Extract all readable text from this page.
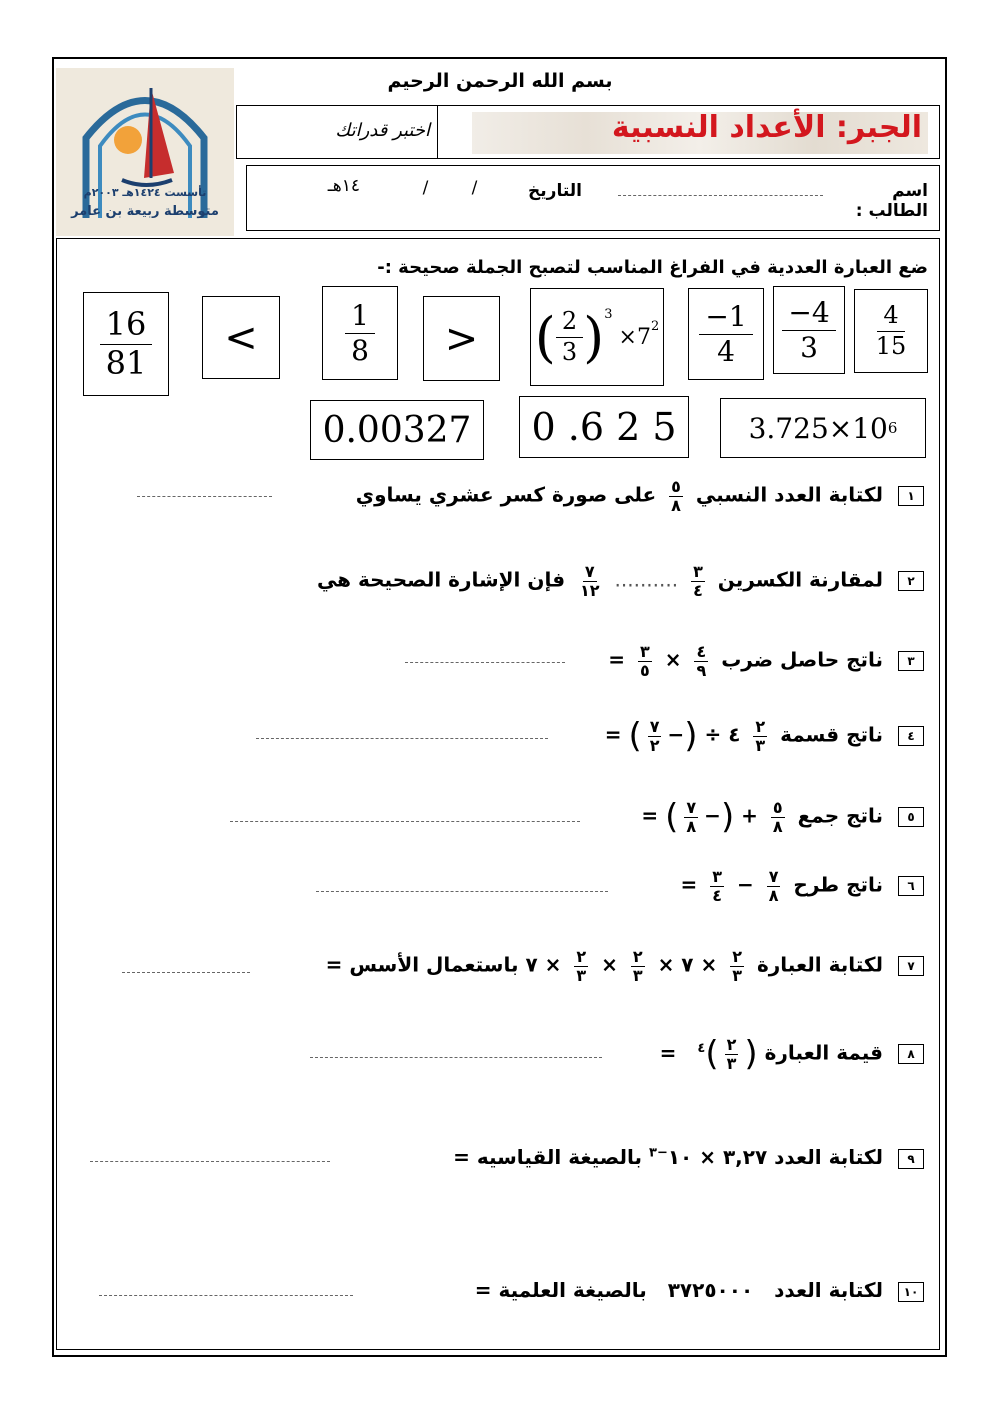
تأسست ١٤٢٤هـ ٢٠٠٣م
متوسطة ربيعة بن عامر
بسم الله الرحمن الرحيم
الجبر: الأعداد النسبية
اختبر قدراتك
اسم الطالب :
التاريخ
/        /
١٤هـ
ضع العبارة العددية في الفراغ المناسب لتصبح الجملة صحيحة :-
$\frac{16}{81}$ <	$\frac{1}{8}$ > ( $\frac{2}{3} )^3$
× $7^2 \frac{-1}{4} \frac{-4}{3} \frac{4}{15}$
0.00327 0 .6 2 5	3.725×10 6
١ لكتابة العدد النسبي
٥
٨
على صورة كسر عشري يساوي
٢ لمقارنة الكسرين
٣
٤
..........
٧
١٢
فإن الإشارة الصحيحة هي
٣ ناتج حاصل ضرب
٤
٩
×
٣
٥
=
٤ ناتج قسمة
٢
٣
٤ ÷ (−
٧
٢
) =
٥ ناتج جمع
٥
٨
+ (−
٧
٨
) =
٦ ناتج طرح
٧
٨
−
٣
٤
=
٧ لكتابة العبارة
٢
٣
× ٧ ×
٢
٣
×
٢
٣
× ٧ باستعمال الأسس =
٨ قيمة العبارة (
٢
٣
)$^٤$ =
٩ لكتابة العدد ٣,٢٧ × $١٠^{-٣}$ بالصيغة القياسيه =
١٠ لكتابة العدد ٣٧٢٥٠٠٠ بالصيغة العلمية =
